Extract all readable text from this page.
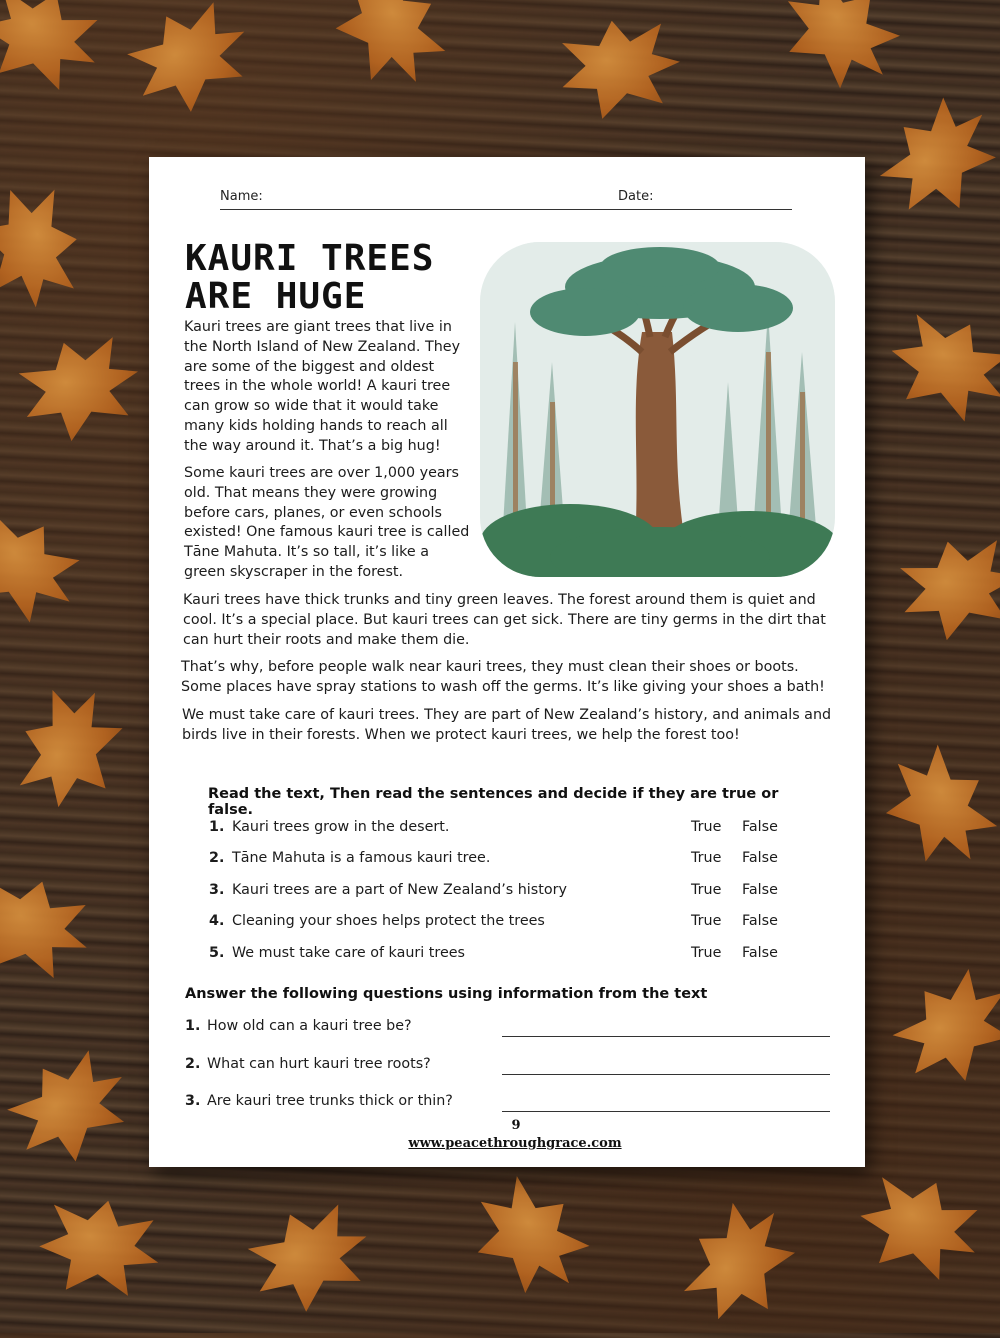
Name:	Date:
KAURI TREES ARE HUGE

Kauri trees are giant trees that live in the North Island of New Zealand. They are some of the biggest and oldest trees in the whole world! A kauri tree can grow so wide that it would take many kids holding hands to reach all the way around it. That’s a big hug!

Some kauri trees are over 1,000 years old. That means they were growing before cars, planes, or even schools existed! One famous kauri tree is called Tāne Mahuta. It’s so tall, it’s like a green skyscraper in the forest.

Kauri trees have thick trunks and tiny green leaves. The forest around them is quiet and cool. It’s a special place. But kauri trees can get sick. There are tiny germs in the dirt that can hurt their roots and make them die.

That’s why, before people walk near kauri trees, they must clean their shoes or boots. Some places have spray stations to wash off the germs. It’s like giving your shoes a bath!

We must take care of kauri trees. They are part of New Zealand’s history, and animals and birds live in their forests. When we protect kauri trees, we help the forest too!

Read the text, Then read the sentences and decide if they are true or false.
1. Kauri trees grow in the desert.	True False
2. Tāne Mahuta is a famous kauri tree.	True False
3. Kauri trees are a part of New Zealand’s history	True False
4. Cleaning your shoes helps protect the trees	True False
5. We must take care of kauri trees	True False
Answer the following questions using information from the text
1. How old can a kauri tree be?
2. What can hurt kauri tree roots?
3. Are kauri tree trunks thick or thin?
9
www.peacethroughgrace.com
